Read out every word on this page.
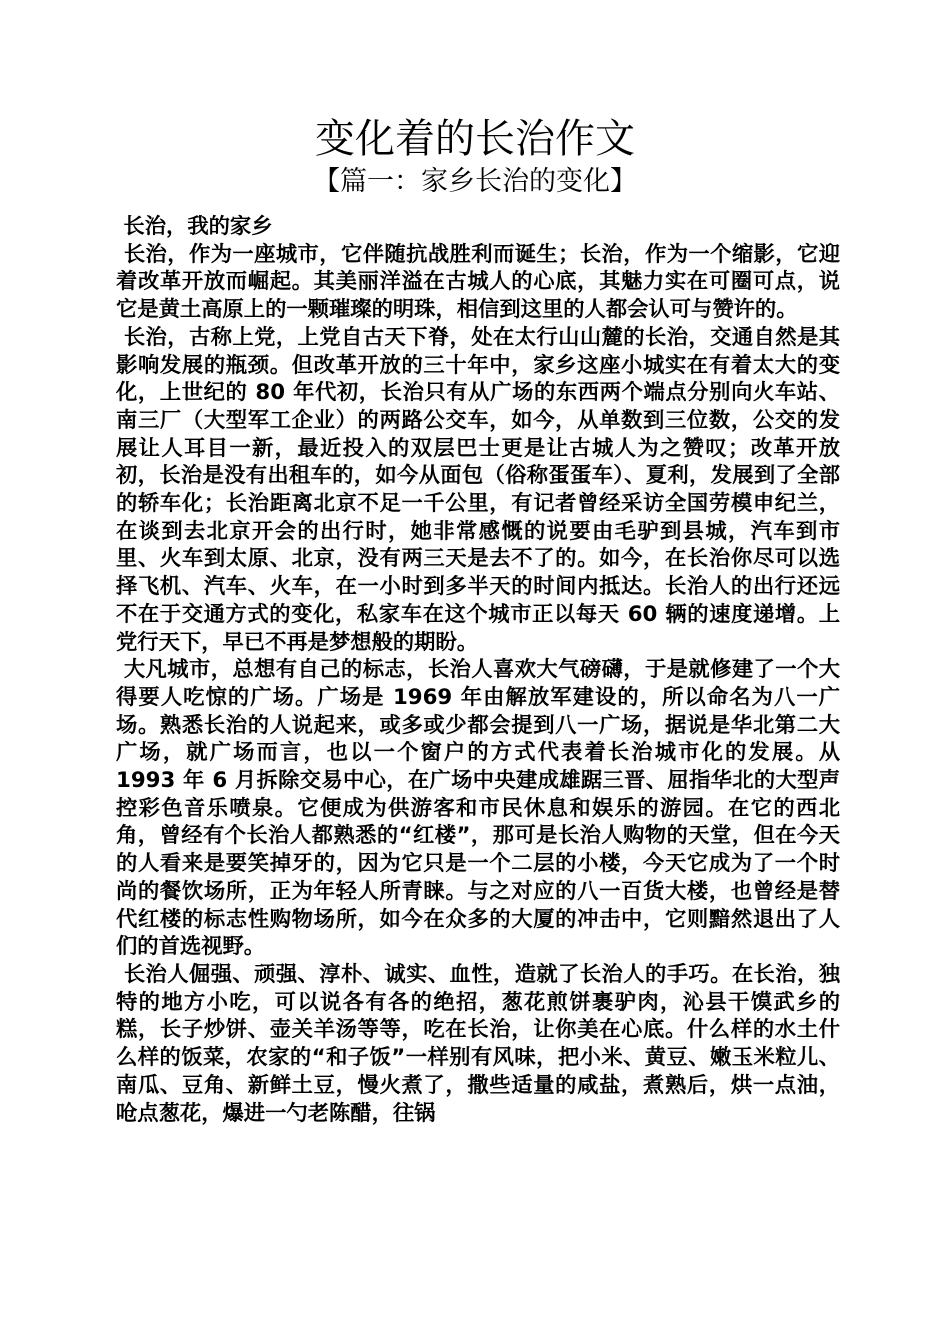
变化着的长治作文
【篇一：家乡长治的变化】

长治，我的家乡

长治，作为一座城市，它伴随抗战胜利而诞生；长治，作为一个缩影，它迎着改革开放而崛起。其美丽洋溢在古城人的心底，其魅力实在可圈可点，说它是黄土高原上的一颗璀璨的明珠，相信到这里的人都会认可与赞许的。

长治，古称上党，上党自古天下脊，处在太行山山麓的长治，交通自然是其影响发展的瓶颈。但改革开放的三十年中，家乡这座小城实在有着太大的变化，上世纪的 80 年代初，长治只有从广场的东西两个端点分别向火车站、南三厂（大型军工企业）的两路公交车，如今，从单数到三位数，公交的发展让人耳目一新，最近投入的双层巴士更是让古城人为之赞叹；改革开放初，长治是没有出租车的，如今从面包（俗称蛋蛋车）、夏利，发展到了全部的轿车化；长治距离北京不足一千公里，有记者曾经采访全国劳模申纪兰，在谈到去北京开会的出行时，她非常感慨的说要由毛驴到县城，汽车到市里、火车到太原、北京，没有两三天是去不了的。如今，在长治你尽可以选择飞机、汽车、火车，在一小时到多半天的时间内抵达。长治人的出行还远不在于交通方式的变化，私家车在这个城市正以每天 60 辆的速度递增。上党行天下，早已不再是梦想般的期盼。

大凡城市，总想有自己的标志，长治人喜欢大气磅礴，于是就修建了一个大得要人吃惊的广场。广场是 1969 年由解放军建设的，所以命名为八一广场。熟悉长治的人说起来，或多或少都会提到八一广场，据说是华北第二大广场，就广场而言，也以一个窗户的方式代表着长治城市化的发展。从 1993 年 6 月拆除交易中心，在广场中央建成雄踞三晋、屈指华北的大型声控彩色音乐喷泉。它便成为供游客和市民休息和娱乐的游园。在它的西北角，曾经有个长治人都熟悉的“红楼”，那可是长治人购物的天堂，但在今天的人看来是要笑掉牙的，因为它只是一个二层的小楼，今天它成为了一个时尚的餐饮场所，正为年轻人所青睐。与之对应的八一百货大楼，也曾经是替代红楼的标志性购物场所，如今在众多的大厦的冲击中，它则黯然退出了人们的首选视野。

长治人倔强、顽强、淳朴、诚实、血性，造就了长治人的手巧。在长治，独特的地方小吃，可以说各有各的绝招，葱花煎饼裹驴肉，沁县干馍武乡的糕，长子炒饼、壶关羊汤等等，吃在长治，让你美在心底。什么样的水土什么样的饭菜，农家的“和子饭”一样别有风味，把小米、黄豆、嫩玉米粒儿、南瓜、豆角、新鲜土豆，慢火煮了，撒些适量的咸盐，煮熟后，烘一点油，呛点葱花，爆进一勺老陈醋，往锅
